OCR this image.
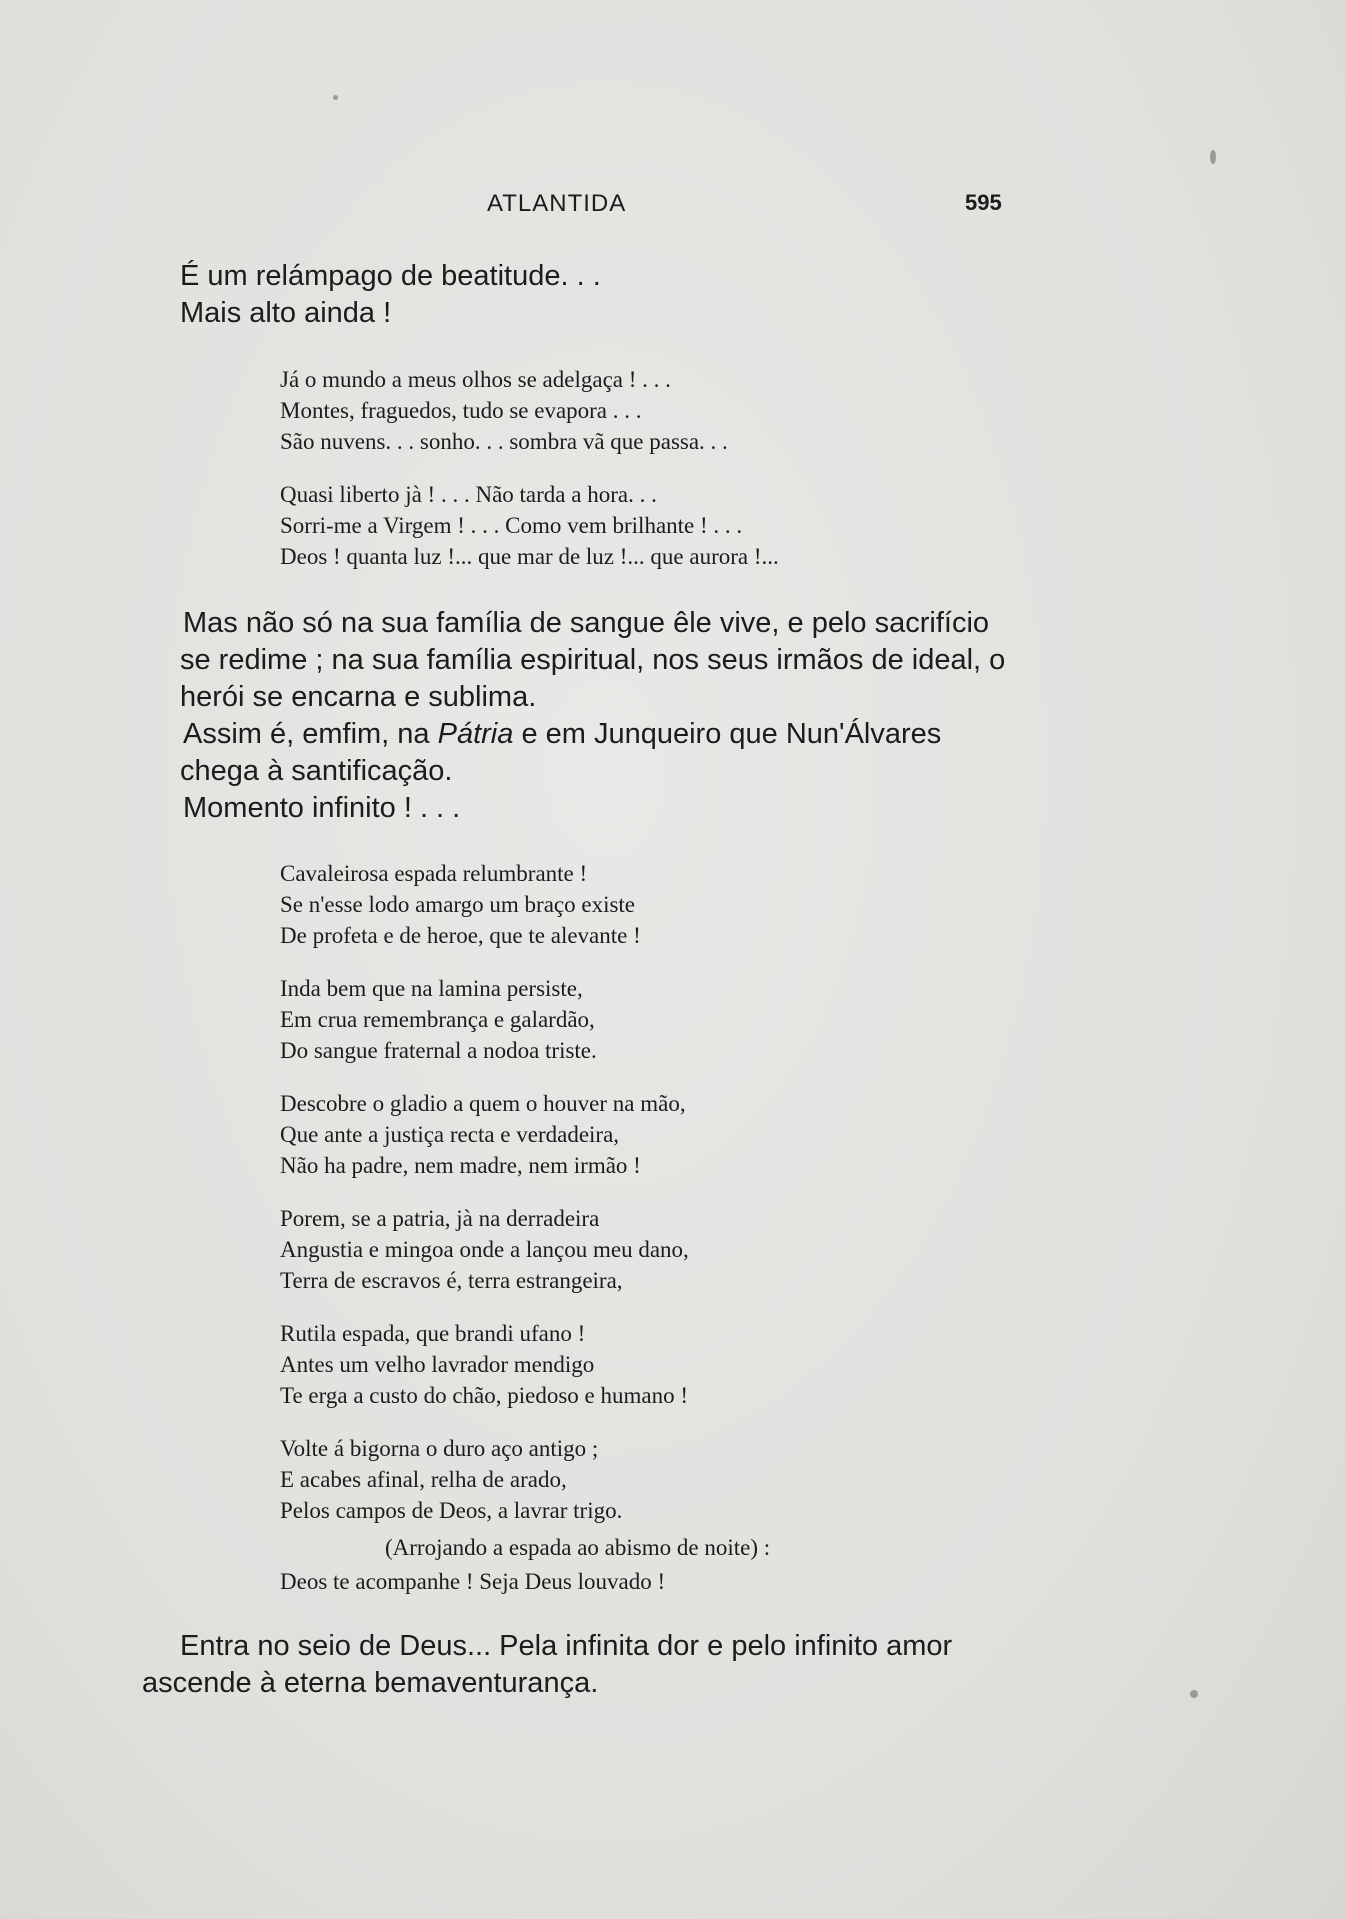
ATLANTIDA	595
É um relámpago de beatitude. . .
Mais alto ainda !
Já o mundo a meus olhos se adelgaça ! . . .
Montes, fraguedos, tudo se evapora . . .
São nuvens. . . sonho. . . sombra vã que passa. . .
Quasi liberto jà ! . . . Não tarda a hora. . .
Sorri-me a Virgem ! . . . Como vem brilhante ! . . .
Deos ! quanta luz !... que mar de luz !... que aurora !...
Mas não só na sua família de sangue êle vive, e pelo sacrifício
se redime ; na sua família espiritual, nos seus irmãos de ideal, o
herói se encarna e sublima.
Assim é, emfim, na Pátria e em Junqueiro que Nun'Álvares
chega à santificação.
Momento infinito ! . . .
Cavaleirosa espada relumbrante !
Se n'esse lodo amargo um braço existe
De profeta e de heroe, que te alevante !
Inda bem que na lamina persiste,
Em crua remembrança e galardão,
Do sangue fraternal a nodoa triste.
Descobre o gladio a quem o houver na mão,
Que ante a justiça recta e verdadeira,
Não ha padre, nem madre, nem irmão !
Porem, se a patria, jà na derradeira
Angustia e mingoa onde a lançou meu dano,
Terra de escravos é, terra estrangeira,
Rutila espada, que brandi ufano !
Antes um velho lavrador mendigo
Te erga a custo do chão, piedoso e humano !
Volte á bigorna o duro aço antigo ;
E acabes afinal, relha de arado,
Pelos campos de Deos, a lavrar trigo.
(Arrojando a espada ao abismo de noite) :
Deos te acompanhe ! Seja Deus louvado !
Entra no seio de Deus... Pela infinita dor e pelo infinito amor
ascende à eterna bemaventurança.
